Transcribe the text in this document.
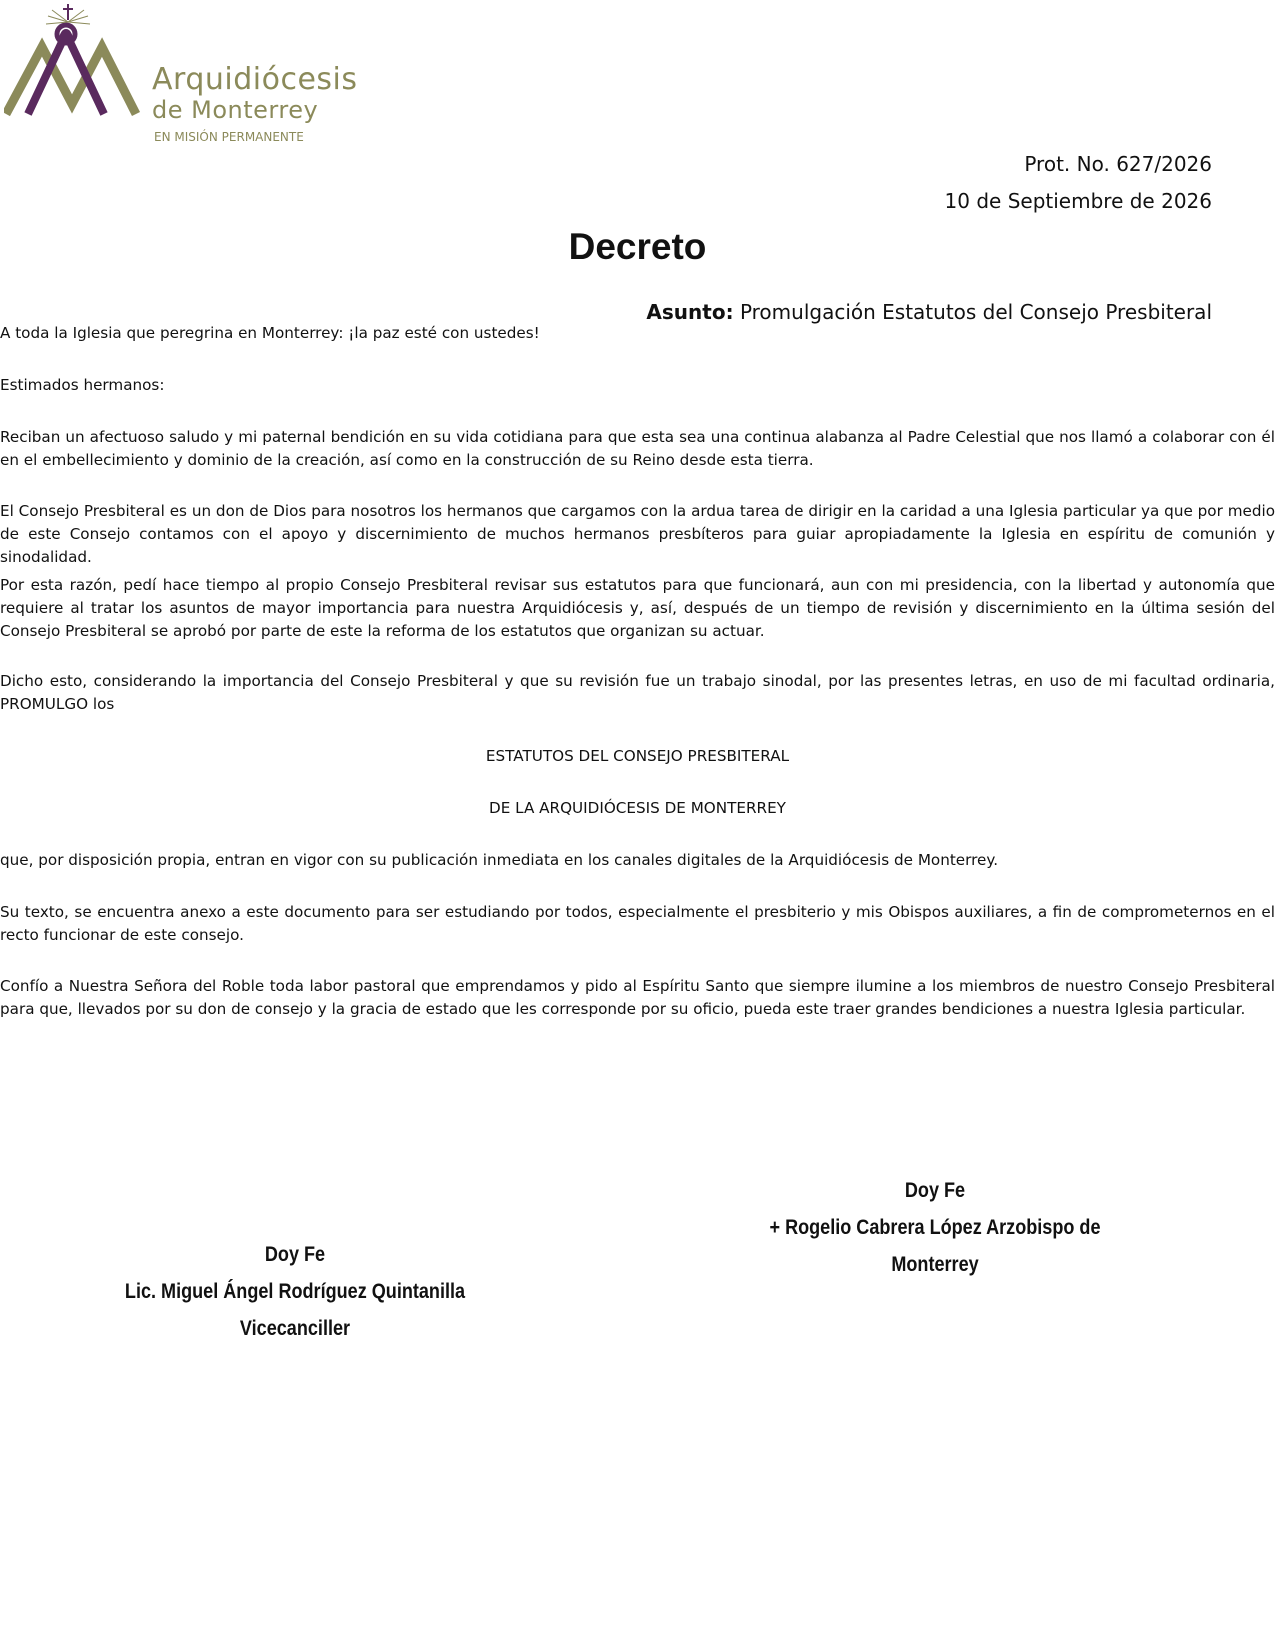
Arquidiócesis
de Monterrey
EN MISIÓN PERMANENTE
Prot. No. 627/2026
10 de Septiembre de 2026
Decreto
Asunto: Promulgación Estatutos del Consejo Presbiteral

A toda la Iglesia que peregrina en Monterrey: ¡la paz esté con ustedes!

Estimados hermanos:

Reciban un afectuoso saludo y mi paternal bendición en su vida cotidiana para que esta sea una continua alabanza al Padre Celestial que nos llamó a colaborar con él en el embellecimiento y dominio de la creación, así como en la construcción de su Reino desde esta tierra.

El Consejo Presbiteral es un don de Dios para nosotros los hermanos que cargamos con la ardua tarea de dirigir en la caridad a una Iglesia particular ya que por medio de este Consejo contamos con el apoyo y discernimiento de muchos hermanos presbíteros para guiar apropiadamente la Iglesia en espíritu de comunión y sinodalidad.

Por esta razón, pedí hace tiempo al propio Consejo Presbiteral revisar sus estatutos para que funcionará, aun con mi presidencia, con la libertad y autonomía que requiere al tratar los asuntos de mayor importancia para nuestra Arquidiócesis y, así, después de un tiempo de revisión y discernimiento en la última sesión del Consejo Presbiteral se aprobó por parte de este la reforma de los estatutos que organizan su actuar.

Dicho esto, considerando la importancia del Consejo Presbiteral y que su revisión fue un trabajo sinodal, por las presentes letras, en uso de mi facultad ordinaria, PROMULGO los

ESTATUTOS DEL CONSEJO PRESBITERAL

DE LA ARQUIDIÓCESIS DE MONTERREY

que, por disposición propia, entran en vigor con su publicación inmediata en los canales digitales de la Arquidiócesis de Monterrey.

Su texto, se encuentra anexo a este documento para ser estudiando por todos, especialmente el presbiterio y mis Obispos auxiliares, a fin de comprometernos en el recto funcionar de este consejo.

Confío a Nuestra Señora del Roble toda labor pastoral que emprendamos y pido al Espíritu Santo que siempre ilumine a los miembros de nuestro Consejo Presbiteral para que, llevados por su don de consejo y la gracia de estado que les corresponde por su oficio, pueda este traer grandes bendiciones a nuestra Iglesia particular.

Doy Fe
Lic. Miguel Ángel Rodríguez Quintanilla
Vicecanciller
Doy Fe
+ Rogelio Cabrera López Arzobispo de
Monterrey
